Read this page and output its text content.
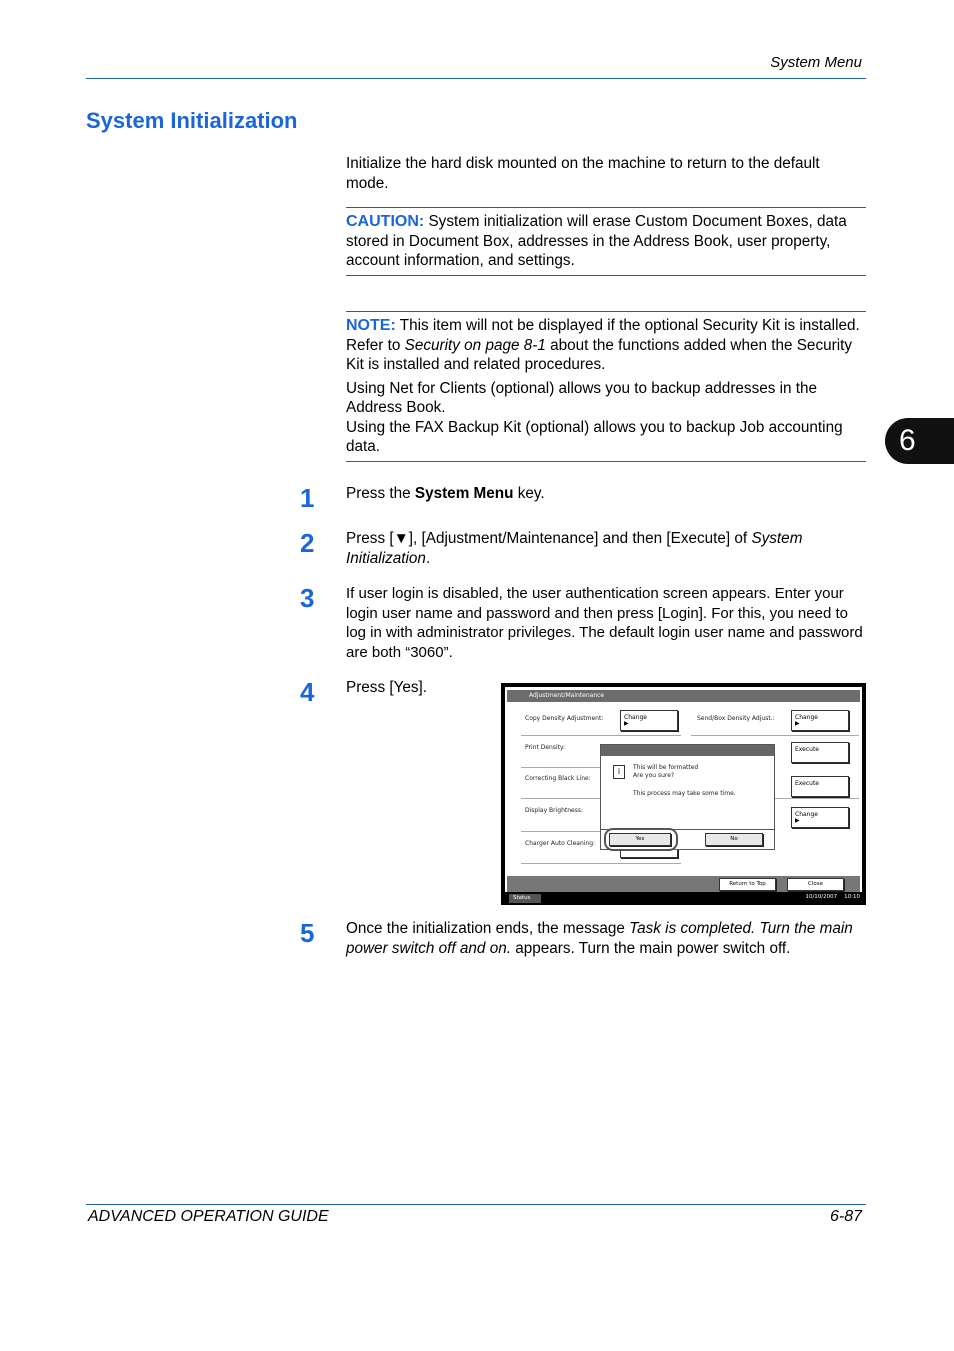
System Menu
System Initialization
Initialize the hard disk mounted on the machine to return to the default mode.
CAUTION: System initialization will erase Custom Document Boxes, data stored in Document Box, addresses in the Address Book, user property, account information, and settings.
NOTE: This item will not be displayed if the optional Security Kit is installed. Refer to Security on page 8-1 about the functions added when the Security Kit is installed and related procedures.
Using Net for Clients (optional) allows you to backup addresses in the Address Book.
Using the FAX Backup Kit (optional) allows you to backup Job accounting data.	6
1 Press the System Menu key.
2 Press [▼], [Adjustment/Maintenance] and then [Execute] of System Initialization.
3 If user login is disabled, the user authentication screen appears. Enter your login user name and password and then press [Login]. For this, you need to log in with administrator privileges. The default login user name and password are both “3060”.
4 Press [Yes].	Adjustment/Maintenance
Copy Density Adjustment:	Change
▶
Send/Box Density Adjust.:	Change
▶
Print Density:	Execute
Correcting Black Line:
Execute
Display Brightness:
Change
▶
Charger Auto Cleaning:
i	This will be formatted
Are you sure?
This process may take some time.
Yes	No
Return to Top	Close
Status	10/10/2007    10:10
5 Once the initialization ends, the message Task is completed. Turn the main power switch off and on. appears. Turn the main power switch off.
ADVANCED OPERATION GUIDE	6-87
